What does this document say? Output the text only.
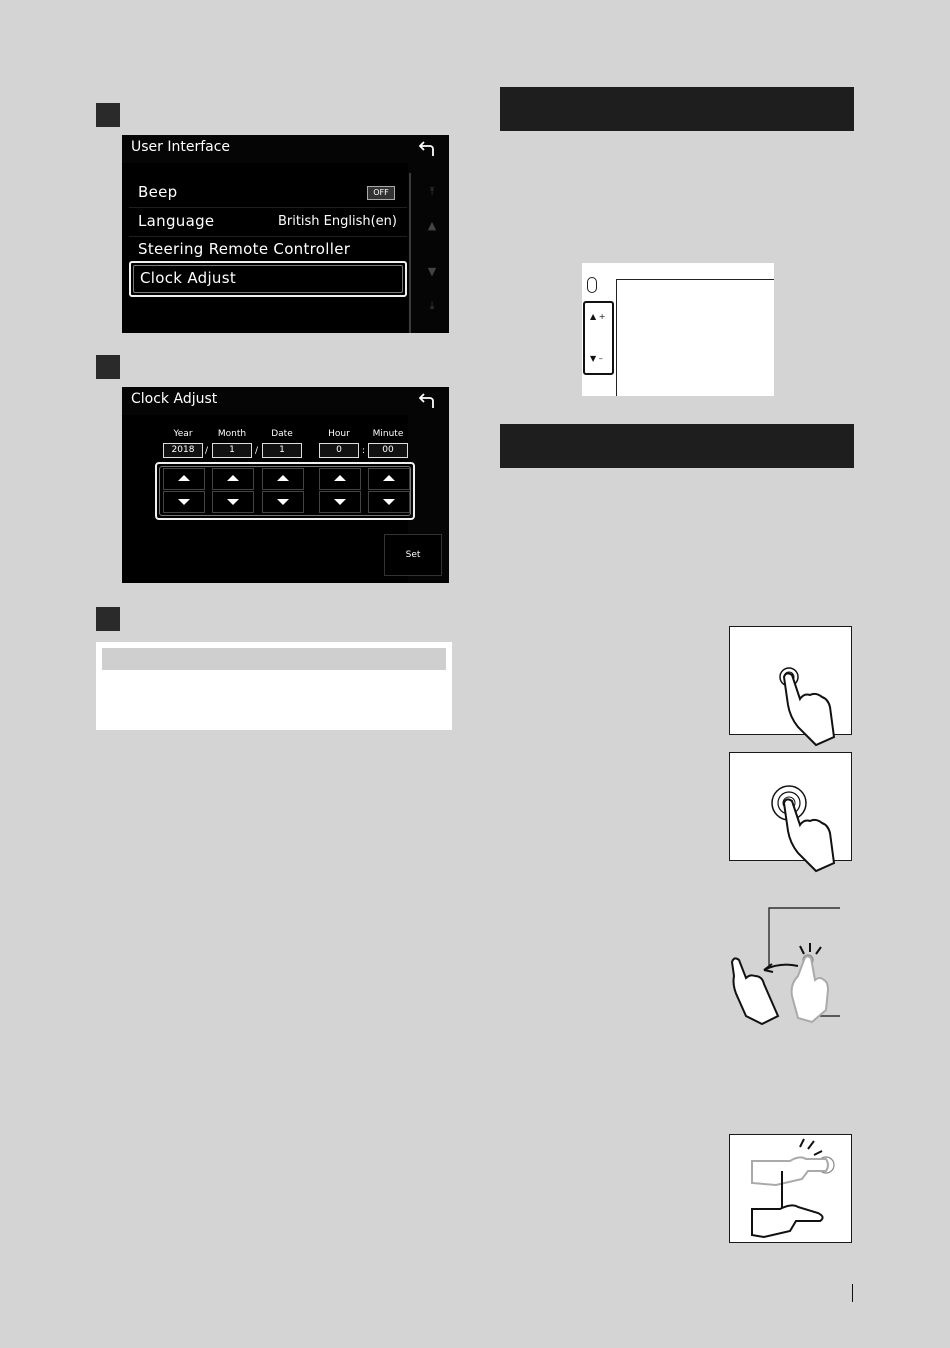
User Interface
Beep	OFF
Language	British English(en)
Steering Remote Controller
Clock Adjust
⤒
▲
▼
⤓
Clock Adjust
Year	Month	Date	Hour	Minute
2018	/	1	/	1	0	:	00
Set
▲ +
▼ –
